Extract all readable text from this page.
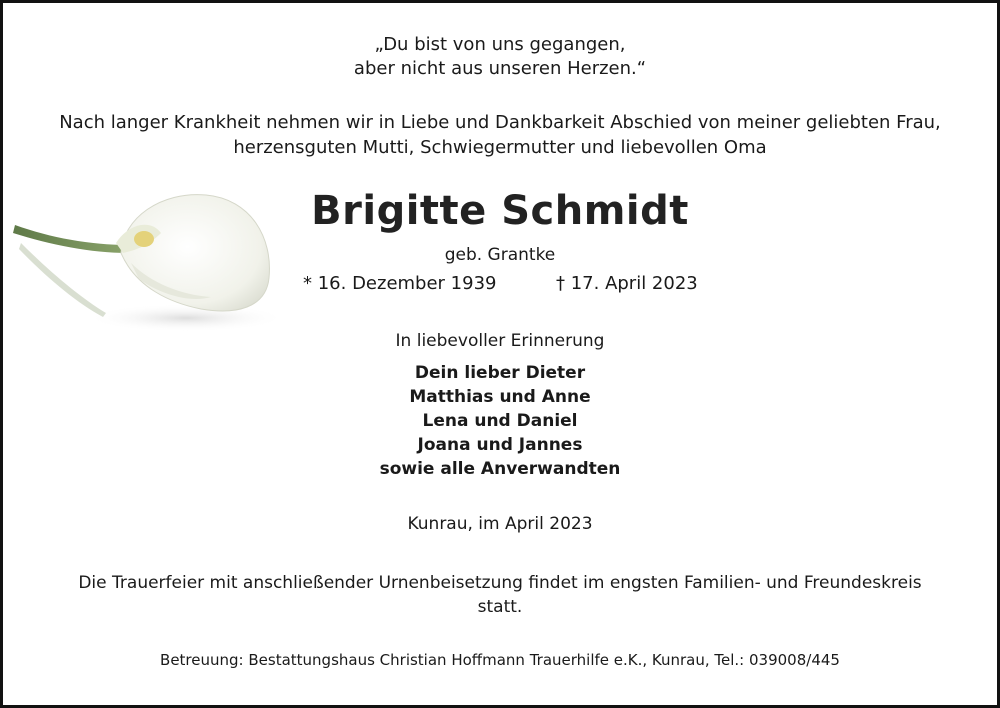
„Du bist von uns gegangen,

aber nicht aus unseren Herzen.“

Nach langer Krankheit nehmen wir in Liebe und Dankbarkeit Abschied von meiner geliebten Frau,

herzensguten Mutti, Schwiegermutter und liebevollen Oma

Brigitte Schmidt
geb. Grantke
* 16. Dezember 1939	† 17. April 2023
In liebevoller Erinnerung

Dein lieber Dieter

Matthias und Anne

Lena und Daniel

Joana und Jannes

sowie alle Anverwandten

Kunrau, im April 2023

Die Trauerfeier mit anschließender Urnenbeisetzung findet im engsten Familien- und Freundeskreis

statt.

Betreuung: Bestattungshaus Christian Hoffmann Trauerhilfe e.K., Kunrau, Tel.: 039008/445
